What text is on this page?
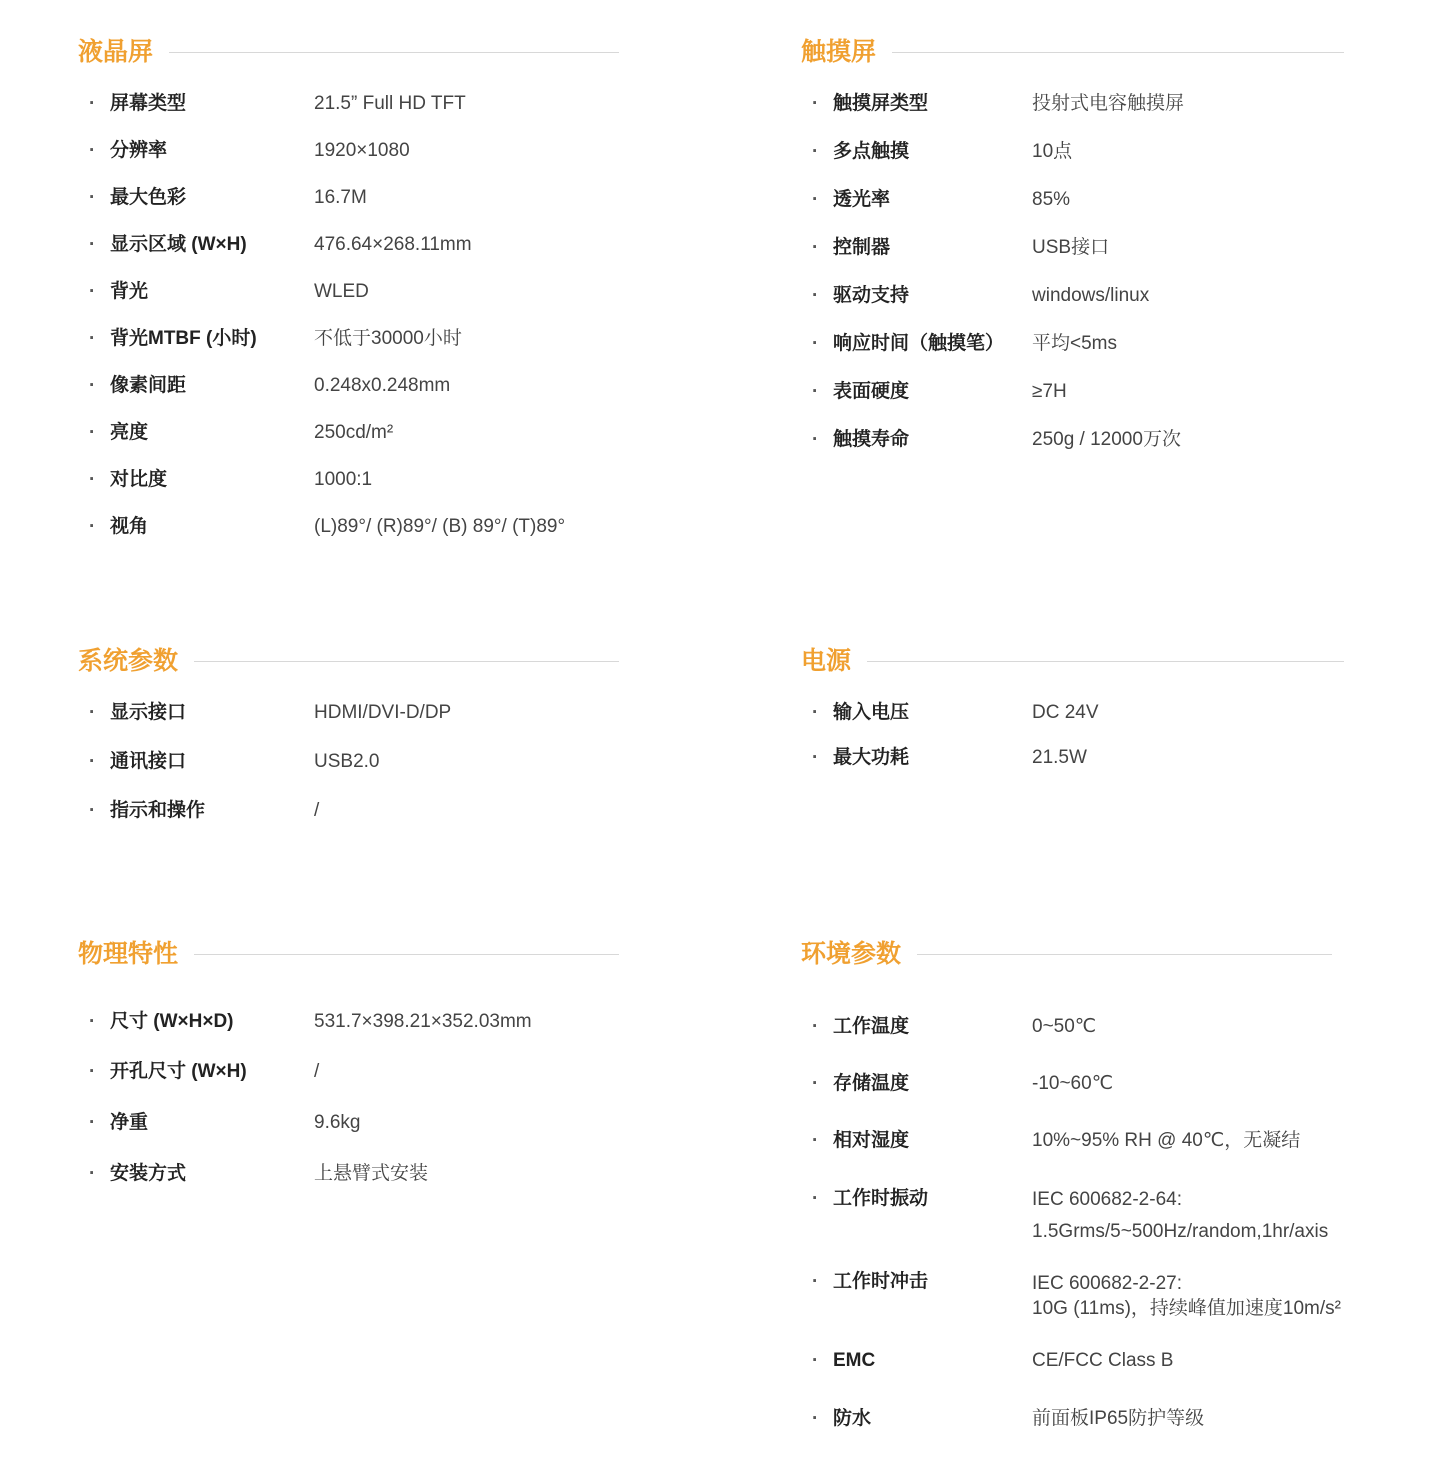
液晶屏
· 屏幕类型	21.5” Full HD TFT
· 分辨率	1920×1080
· 最大色彩	16.7M
· 显示区域 (W×H)	476.64×268.11mm
· 背光	WLED
· 背光MTBF (小时)	不低于30000小时
· 像素间距	0.248x0.248mm
· 亮度	250cd/m²
· 对比度	1000:1
· 视角	(L)89°/ (R)89°/ (B) 89°/ (T)89°
触摸屏
· 触摸屏类型	投射式电容触摸屏
· 多点触摸	10点
· 透光率	85%
· 控制器	USB接口
· 驱动支持	windows/linux
· 响应时间（触摸笔） 平均<5ms
· 表面硬度	≥7H
· 触摸寿命	250g / 12000万次
系统参数
· 显示接口	HDMI/DVI-D/DP
· 通讯接口	USB2.0
· 指示和操作	/
电源
· 输入电压	DC 24V
· 最大功耗	21.5W
物理特性
· 尺寸 (W×H×D)	531.7×398.21×352.03mm
· 开孔尺寸 (W×H)	/
· 净重	9.6kg
· 安装方式	上悬臂式安装
环境参数
· 工作温度	0~50℃
· 存储温度	-10~60℃
· 相对湿度	10%~95% RH @ 40℃，无凝结
· 工作时振动	IEC 600682-2-64:
1.5Grms/5~500Hz/random,1hr/axis
· 工作时冲击	IEC 600682-2-27:
10G (11ms)，持续峰值加速度10m/s²
· EMC	CE/FCC Class B
· 防水	前面板IP65防护等级
